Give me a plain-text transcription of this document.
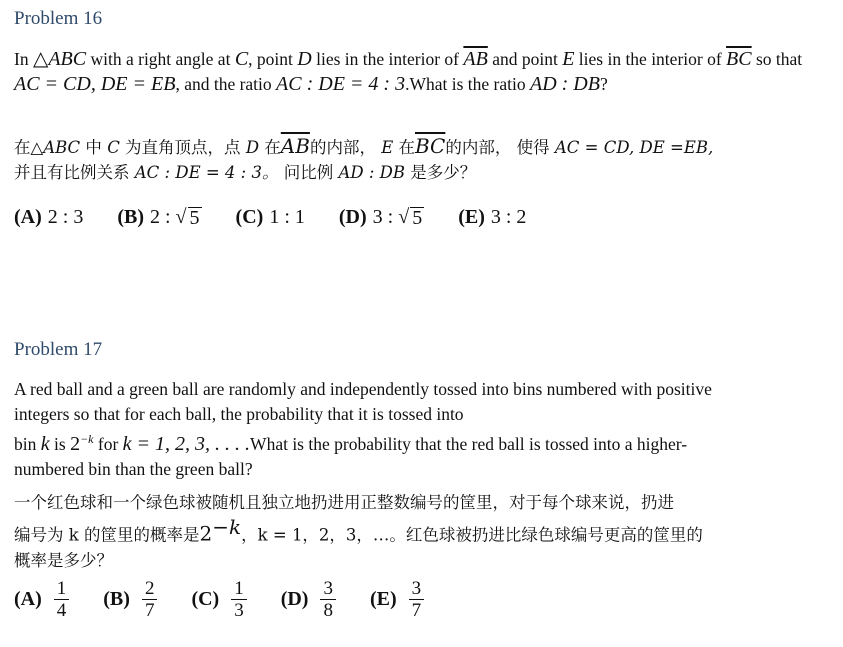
Problem 16
In △ABC with a right angle at C, point D lies in the interior of $\overline{AB}$ and point E lies in the interior of $\overline{BC}$ so that AC = CD, DE = EB, and the ratio AC : DE = 4 : 3.What is the ratio AD : DB?
在△ABC 中 C 为直角顶点，点 D 在$\overline{AB}$的内部， E 在$\overline{BC}$的内部， 使得 AC = CD, DE =EB,
并且有比例关系 AC : DE = 4 : 3。 问比例 AD : DB 是多少？
(A) 2 : 3 (B) 2 : √ 5 (C) 1 : 1 (D) 3 : √ 5 (E) 3 : 2
Problem 17
A red ball and a green ball are randomly and independently tossed into bins numbered with positive
integers so that for each ball, the probability that it is tossed into
bin k is $2^{-k}$ for k = 1, 2, 3, . . . .What is the probability that the red ball is tossed into a higher-
numbered bin than the green ball?
一个红色球和一个绿色球被随机且独立地扔进用正整数编号的筐里，对于每个球来说，扔进
编号为 k 的筐里的概率是$2^{-k}$，k = 1，2，3，…。红色球被扔进比绿色球编号更高的筐里的
概率是多少？
$(A) \frac{1}{4} (B) \frac{2}{7} (C) \frac{1}{3} (D) \frac{3}{8} (E) \frac{3}{7}$
